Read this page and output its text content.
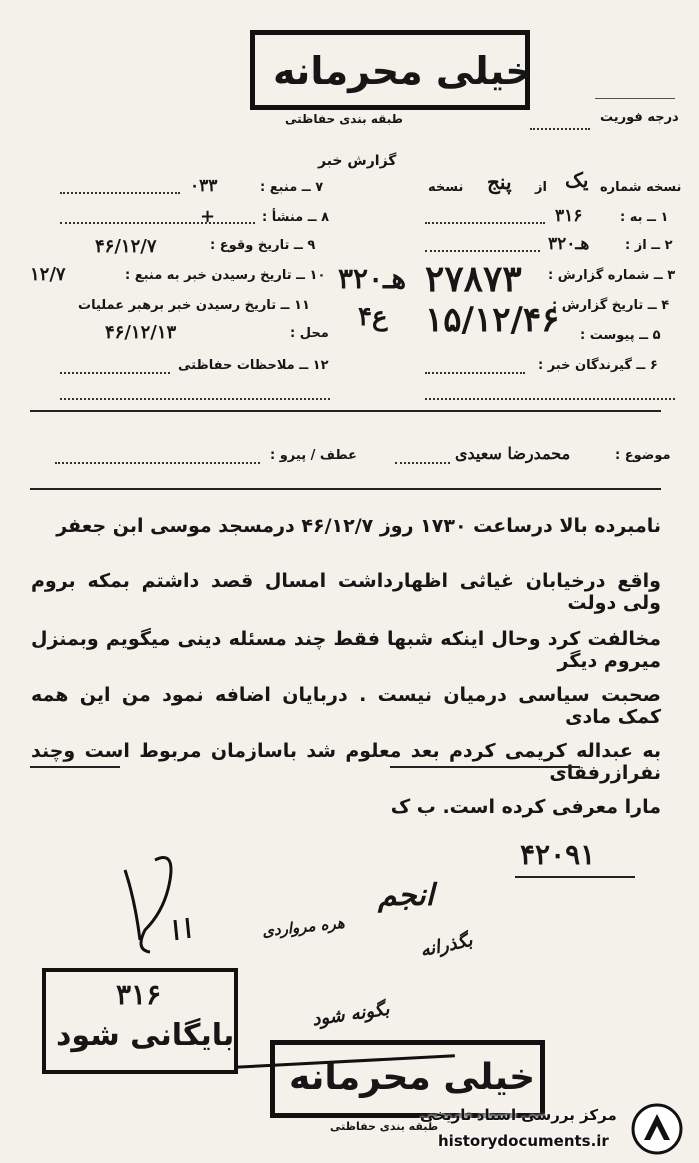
خیلی محرمانه
طبقه بندی حفاظتی	درجه فوریت
گزارش خبر
۷ ــ منبع :
۰۳۳
۸ ــ منشأ :
+
۹ ــ تاریخ وقوع :
۴۶/۱۲/۷
۱۰ ــ تاریخ رسیدن خبر به منبع :
۱۲/۷
۱۱ ــ تاریخ رسیدن خبر برهبر عملیات
محل :
۴۶/۱۲/۱۳
۱۲ ــ ملاحظات حفاظتی
نسخه شماره
یک
از
پنج
نسخه
۱ ــ به :
۳۱۶
۲ ــ از :
۳۲۰هـ
۳ ــ شماره گزارش :
۴ ــ تاریخ گزارش :
۵ ــ پیوست :
۶ ــ گیرندگان خبر :
۲۷۸۷۳
۱۵/۱۲/۴۶
۳۲۰هـ
۴ع
موضوع :
محمدرضا سعیدی
عطف / پیرو :
نامبرده بالا درساعت ۱۷۳۰ روز ۴۶/۱۲/۷ درمسجد موسی ابن جعفر
واقع درخیابان غیاثی اظهارداشت امسال قصد داشتم بمکه بروم ولی دولت
مخالفت کرد وحال اینکه شبها فقط چند مسئله دینی میگویم وبمنزل میروم دیگر
صحبت سیاسی درمیان نیست . دربایان اضافه نمود من این همه کمک مادی
به عبداله کریمی کردم بعد معلوم شد باسازمان مربوط است وچند نفرازرفقای
مارا معرفی کرده است. ب ک
۴۲۰۹۱
هره مرواردی
انجم
بگذرانه
بگونه شود
۳۱۶
بایگانی شود
خیلی محرمانه
طبقه بندی حفاظتی
مرکز بررسی اسناد تاریخی
historydocuments.ir
